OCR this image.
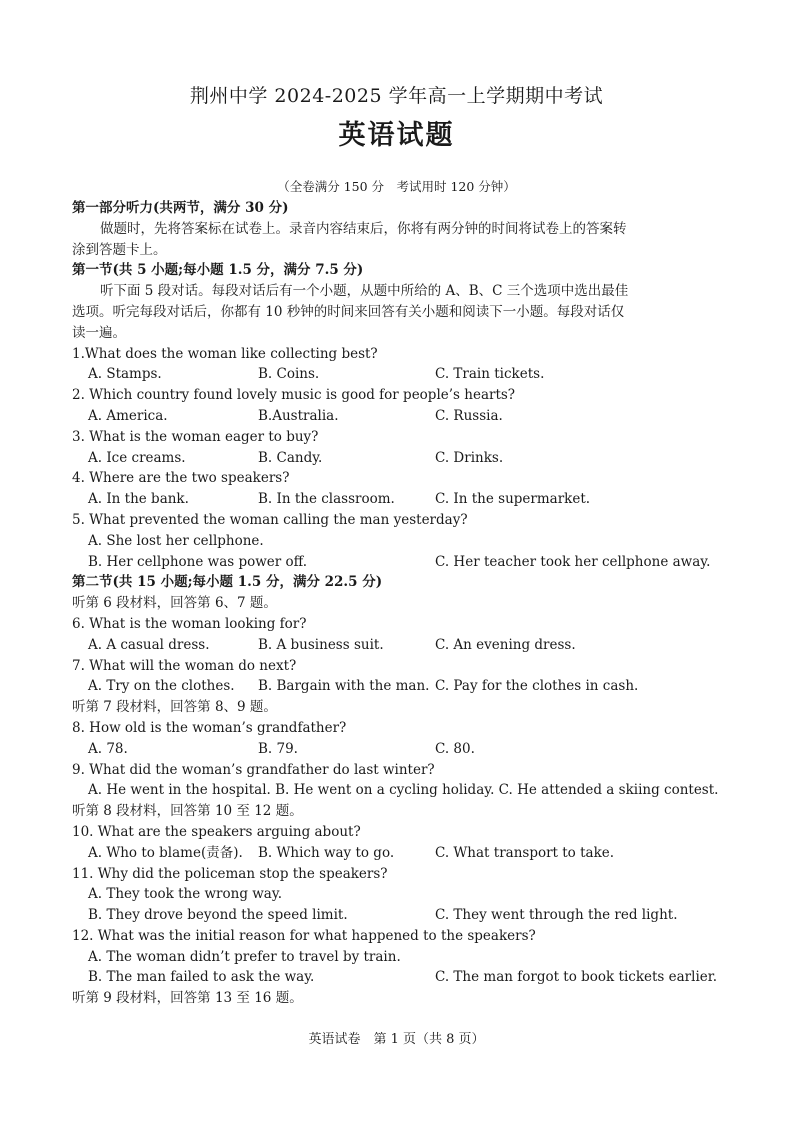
荆州中学 2024-2025 学年高一上学期期中考试
英语试题
（全卷满分 150 分　考试用时 120 分钟）
第一部分听力(共两节，满分 30 分)
做题时，先将答案标在试卷上。录音内容结束后，你将有两分钟的时间将试卷上的答案转
涂到答题卡上。
第一节(共 5 小题;每小题 1.5 分，满分 7.5 分)
听下面 5 段对话。每段对话后有一个小题，从题中所给的 A、B、C 三个选项中选出最佳
选项。听完每段对话后，你都有 10 秒钟的时间来回答有关小题和阅读下一小题。每段对话仅
读一遍。
1.What does the woman like collecting best?
A. Stamps.	B. Coins.	C. Train tickets.
2. Which country found lovely music is good for people’s hearts?
A. America.	B.Australia.	C. Russia.
3. What is the woman eager to buy?
A. Ice creams.	B. Candy.	C. Drinks.
4. Where are the two speakers?
A. In the bank.	B. In the classroom.	C. In the supermarket.
5. What prevented the woman calling the man yesterday?
A. She lost her cellphone.
B. Her cellphone was power off.	C. Her teacher took her cellphone away.
第二节(共 15 小题;每小题 1.5 分，满分 22.5 分)
听第 6 段材料，回答第 6、7 题。
6. What is the woman looking for?
A. A casual dress.	B. A business suit.	C. An evening dress.
7. What will the woman do next?
A. Try on the clothes. B. Bargain with the man. C. Pay for the clothes in cash.
听第 7 段材料，回答第 8、9 题。
8. How old is the woman’s grandfather?
A. 78.	B. 79.	C. 80.
9. What did the woman’s grandfather do last winter?
A. He went in the hospital. B. He went on a cycling holiday. C. He attended a skiing contest.
听第 8 段材料，回答第 10 至 12 题。
10. What are the speakers arguing about?
A. Who to blame(责备). B. Which way to go.	C. What transport to take.
11. Why did the policeman stop the speakers?
A. They took the wrong way.
B. They drove beyond the speed limit.	C. They went through the red light.
12. What was the initial reason for what happened to the speakers?
A. The woman didn’t prefer to travel by train.
B. The man failed to ask the way.	C. The man forgot to book tickets earlier.
听第 9 段材料，回答第 13 至 16 题。
英语试卷　第 1 页（共 8 页）
